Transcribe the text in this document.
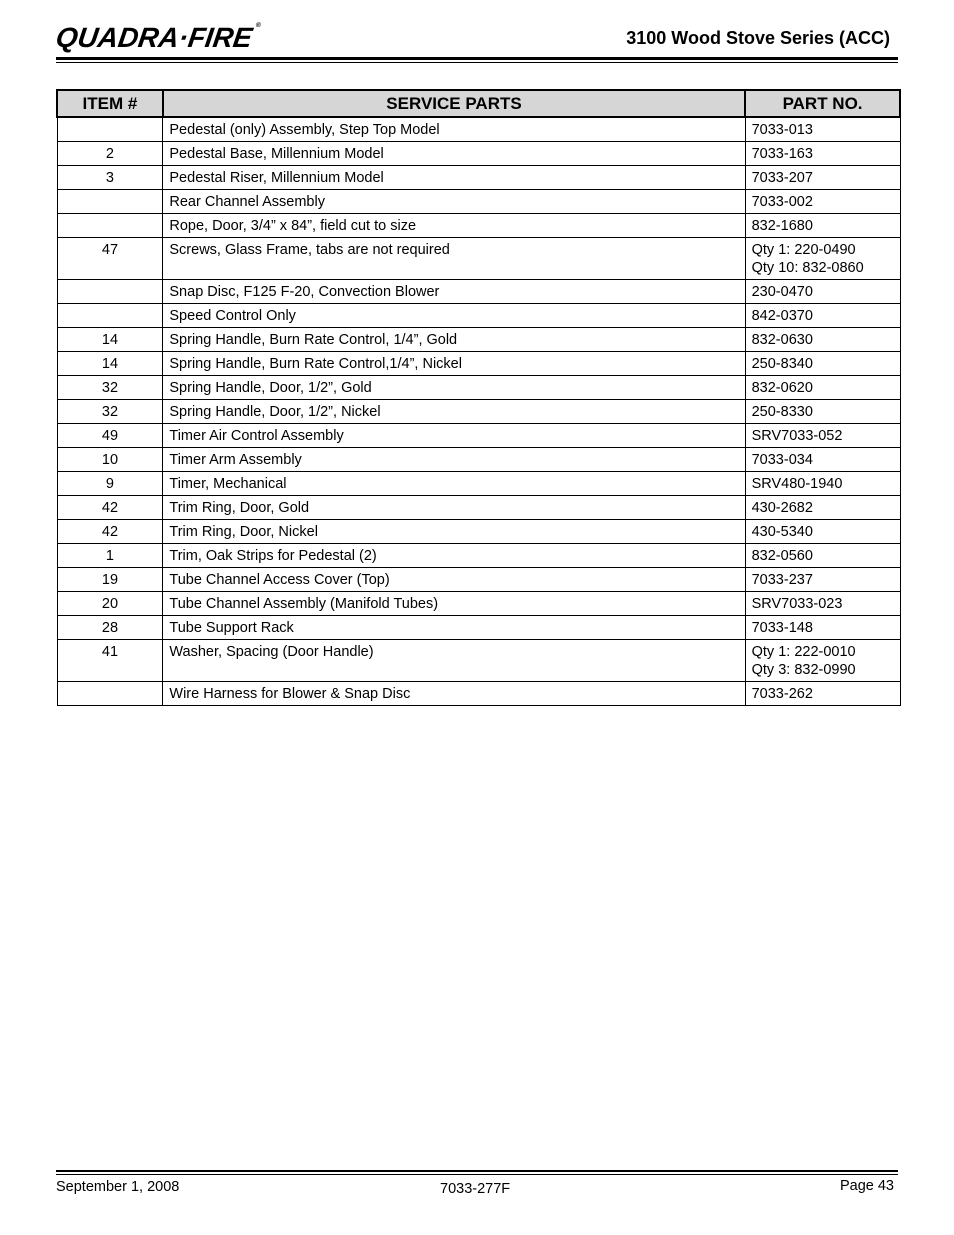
QUADRA·FIRE®
3100 Wood Stove Series (ACC)
ITEM #	SERVICE PARTS	PART NO.
	Pedestal (only) Assembly, Step Top Model	7033-013

2	Pedestal Base, Millennium Model	7033-163

3	Pedestal Riser, Millennium Model	7033-207

	Rear Channel Assembly	7033-002

	Rope, Door, 3/4” x 84”, field cut to size	832-1680

47	Screws, Glass Frame, tabs are not required	Qty 1: 220-0490
Qty 10: 832-0860

	Snap Disc, F125 F-20, Convection Blower	230-0470

	Speed Control Only	842-0370

14	Spring Handle, Burn Rate Control, 1/4”, Gold	832-0630

14	Spring Handle, Burn Rate Control,1/4”, Nickel	250-8340

32	Spring Handle, Door, 1/2”, Gold	832-0620

32	Spring Handle, Door, 1/2”, Nickel	250-8330

49	Timer Air Control Assembly	SRV7033-052

10	Timer Arm Assembly	7033-034

9	Timer, Mechanical	SRV480-1940

42	Trim Ring, Door, Gold	430-2682

42	Trim Ring, Door, Nickel	430-5340

1	Trim, Oak Strips for Pedestal (2)	832-0560

19	Tube Channel Access Cover (Top)	7033-237

20	Tube Channel Assembly (Manifold Tubes)	SRV7033-023

28	Tube Support Rack	7033-148

41	Washer, Spacing (Door Handle)	Qty 1: 222-0010
Qty 3: 832-0990

	Wire Harness for Blower & Snap Disc	7033-262
September 1, 2008	7033-277F	Page 43
